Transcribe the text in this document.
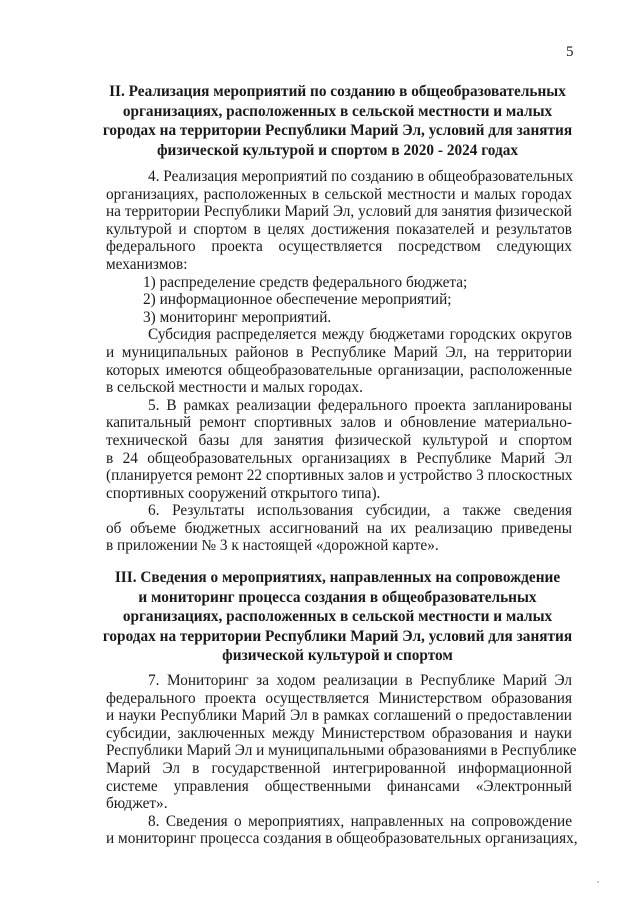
5
II. Реализация мероприятий по созданию в общеобразовательных
организациях, расположенных в сельской местности и малых
городах на территории Республики Марий Эл, условий для занятия
физической культурой и спортом в 2020 - 2024 годах
4. Реализация мероприятий по созданию в общеобразовательных
организациях, расположенных в сельской местности и малых городах
на территории Республики Марий Эл, условий для занятия физической
культурой и спортом в целях достижения показателей и результатов
федерального проекта осуществляется посредством следующих
механизмов:
1) распределение средств федерального бюджета;
2) информационное обеспечение мероприятий;
3) мониторинг мероприятий.
Субсидия распределяется между бюджетами городских округов
и муниципальных районов в Республике Марий Эл, на территории
которых имеются общеобразовательные организации, расположенные
в сельской местности и малых городах.
5. В рамках реализации федерального проекта запланированы
капитальный ремонт спортивных залов и обновление материально-
технической базы для занятия физической культурой и спортом
в 24 общеобразовательных организациях в Республике Марий Эл
(планируется ремонт 22 спортивных залов и устройство 3 плоскостных
спортивных сооружений открытого типа).
6. Результаты использования субсидии, а также сведения
об объеме бюджетных ассигнований на их реализацию приведены
в приложении № 3 к настоящей «дорожной карте».
III. Сведения о мероприятиях, направленных на сопровождение
и мониторинг процесса создания в общеобразовательных
организациях, расположенных в сельской местности и малых
городах на территории Республики Марий Эл, условий для занятия
физической культурой и спортом
7. Мониторинг за ходом реализации в Республике Марий Эл
федерального проекта осуществляется Министерством образования
и науки Республики Марий Эл в рамках соглашений о предоставлении
субсидии, заключенных между Министерством образования и науки
Республики Марий Эл и муниципальными образованиями в Республике
Марий Эл в государственной интегрированной информационной
системе управления общественными финансами «Электронный
бюджет».
8. Сведения о мероприятиях, направленных на сопровождение
и мониторинг процесса создания в общеобразовательных организациях,
